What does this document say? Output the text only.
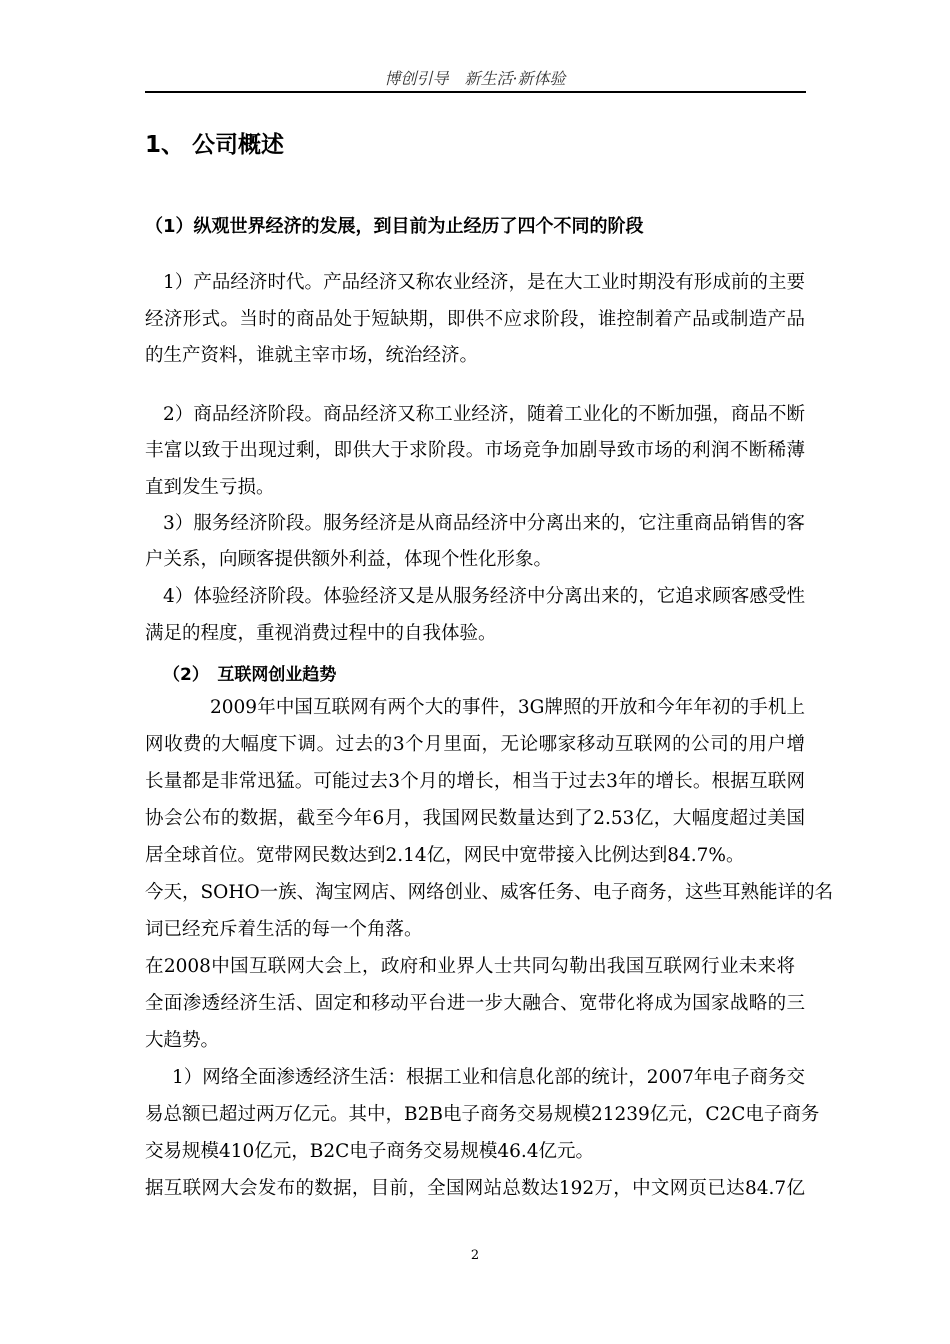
博创引导　新生活·新体验
1、 公司概述
（1）纵观世界经济的发展，到目前为止经历了四个不同的阶段
1）产品经济时代。产品经济又称农业经济，是在大工业时期没有形成前的主要
经济形式。当时的商品处于短缺期，即供不应求阶段，谁控制着产品或制造产品
的生产资料，谁就主宰市场，统治经济。
2）商品经济阶段。商品经济又称工业经济，随着工业化的不断加强，商品不断
丰富以致于出现过剩，即供大于求阶段。市场竞争加剧导致市场的利润不断稀薄
直到发生亏损。
3）服务经济阶段。服务经济是从商品经济中分离出来的，它注重商品销售的客
户关系，向顾客提供额外利益，体现个性化形象。
4）体验经济阶段。体验经济又是从服务经济中分离出来的，它追求顾客感受性
满足的程度，重视消费过程中的自我体验。
（2）　互联网创业趋势
2009年中国互联网有两个大的事件，3G牌照的开放和今年年初的手机上
网收费的大幅度下调。过去的3个月里面，无论哪家移动互联网的公司的用户增
长量都是非常迅猛。可能过去3个月的增长，相当于过去3年的增长。根据互联网
协会公布的数据，截至今年6月，我国网民数量达到了2.53亿，大幅度超过美国
居全球首位。宽带网民数达到2.14亿，网民中宽带接入比例达到84.7%。
今天，SOHO一族、淘宝网店、网络创业、威客任务、电子商务，这些耳熟能详的名
词已经充斥着生活的每一个角落。
在2008中国互联网大会上，政府和业界人士共同勾勒出我国互联网行业未来将
全面渗透经济生活、固定和移动平台进一步大融合、宽带化将成为国家战略的三
大趋势。
1）网络全面渗透经济生活：根据工业和信息化部的统计，2007年电子商务交
易总额已超过两万亿元。其中，B2B电子商务交易规模21239亿元，C2C电子商务
交易规模410亿元，B2C电子商务交易规模46.4亿元。
据互联网大会发布的数据，目前，全国网站总数达192万，中文网页已达84.7亿
2
